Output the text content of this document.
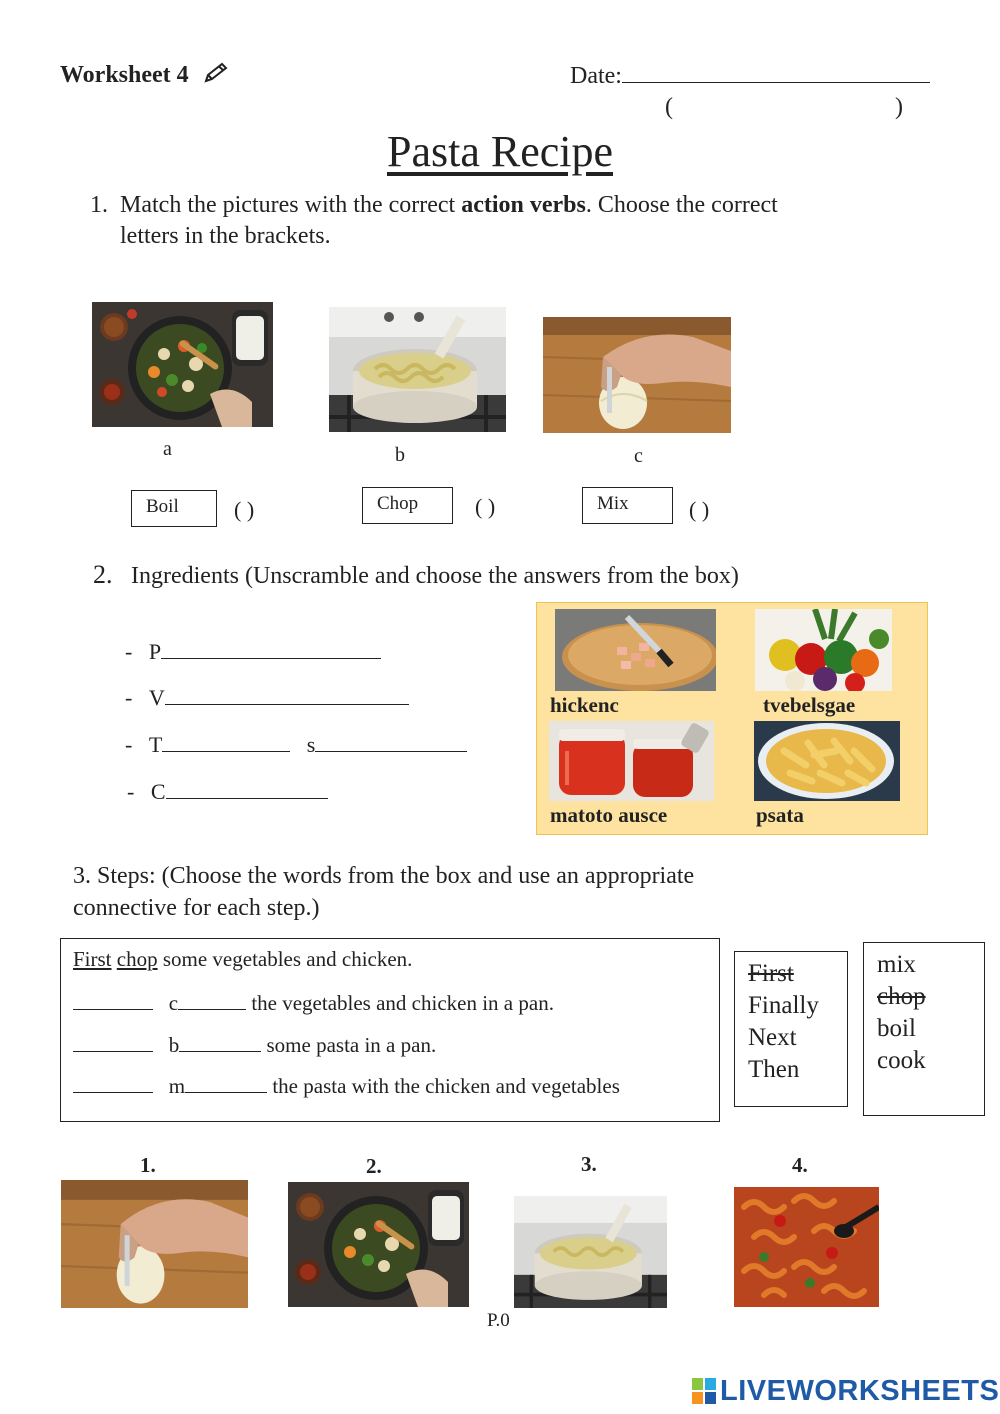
Worksheet 4	Date:
(	)
Pasta Recipe
1. Match the pictures with the correct action verbs. Choose the correct
letters in the brackets.
a	b	c
Boil	( )	Chop	( )	Mix	( )
2. Ingredients (Unscramble and choose the answers from the box)
- P
- V
- T	s
- C
hickenc	tvebelsgae
matoto ausce	psata
3. Steps: (Choose the words from the box and use an appropriate
connective for each step.)
First chop some vegetables and chicken.
c	the vegetables and chicken in a pan.
b	some pasta in a pan.
m	the pasta with the chicken and vegetables
First
Finally
Next
Then
mix
chop
boil
cook
1.	2.	3.	4.
P.0
LIVEWORKSHEETS
